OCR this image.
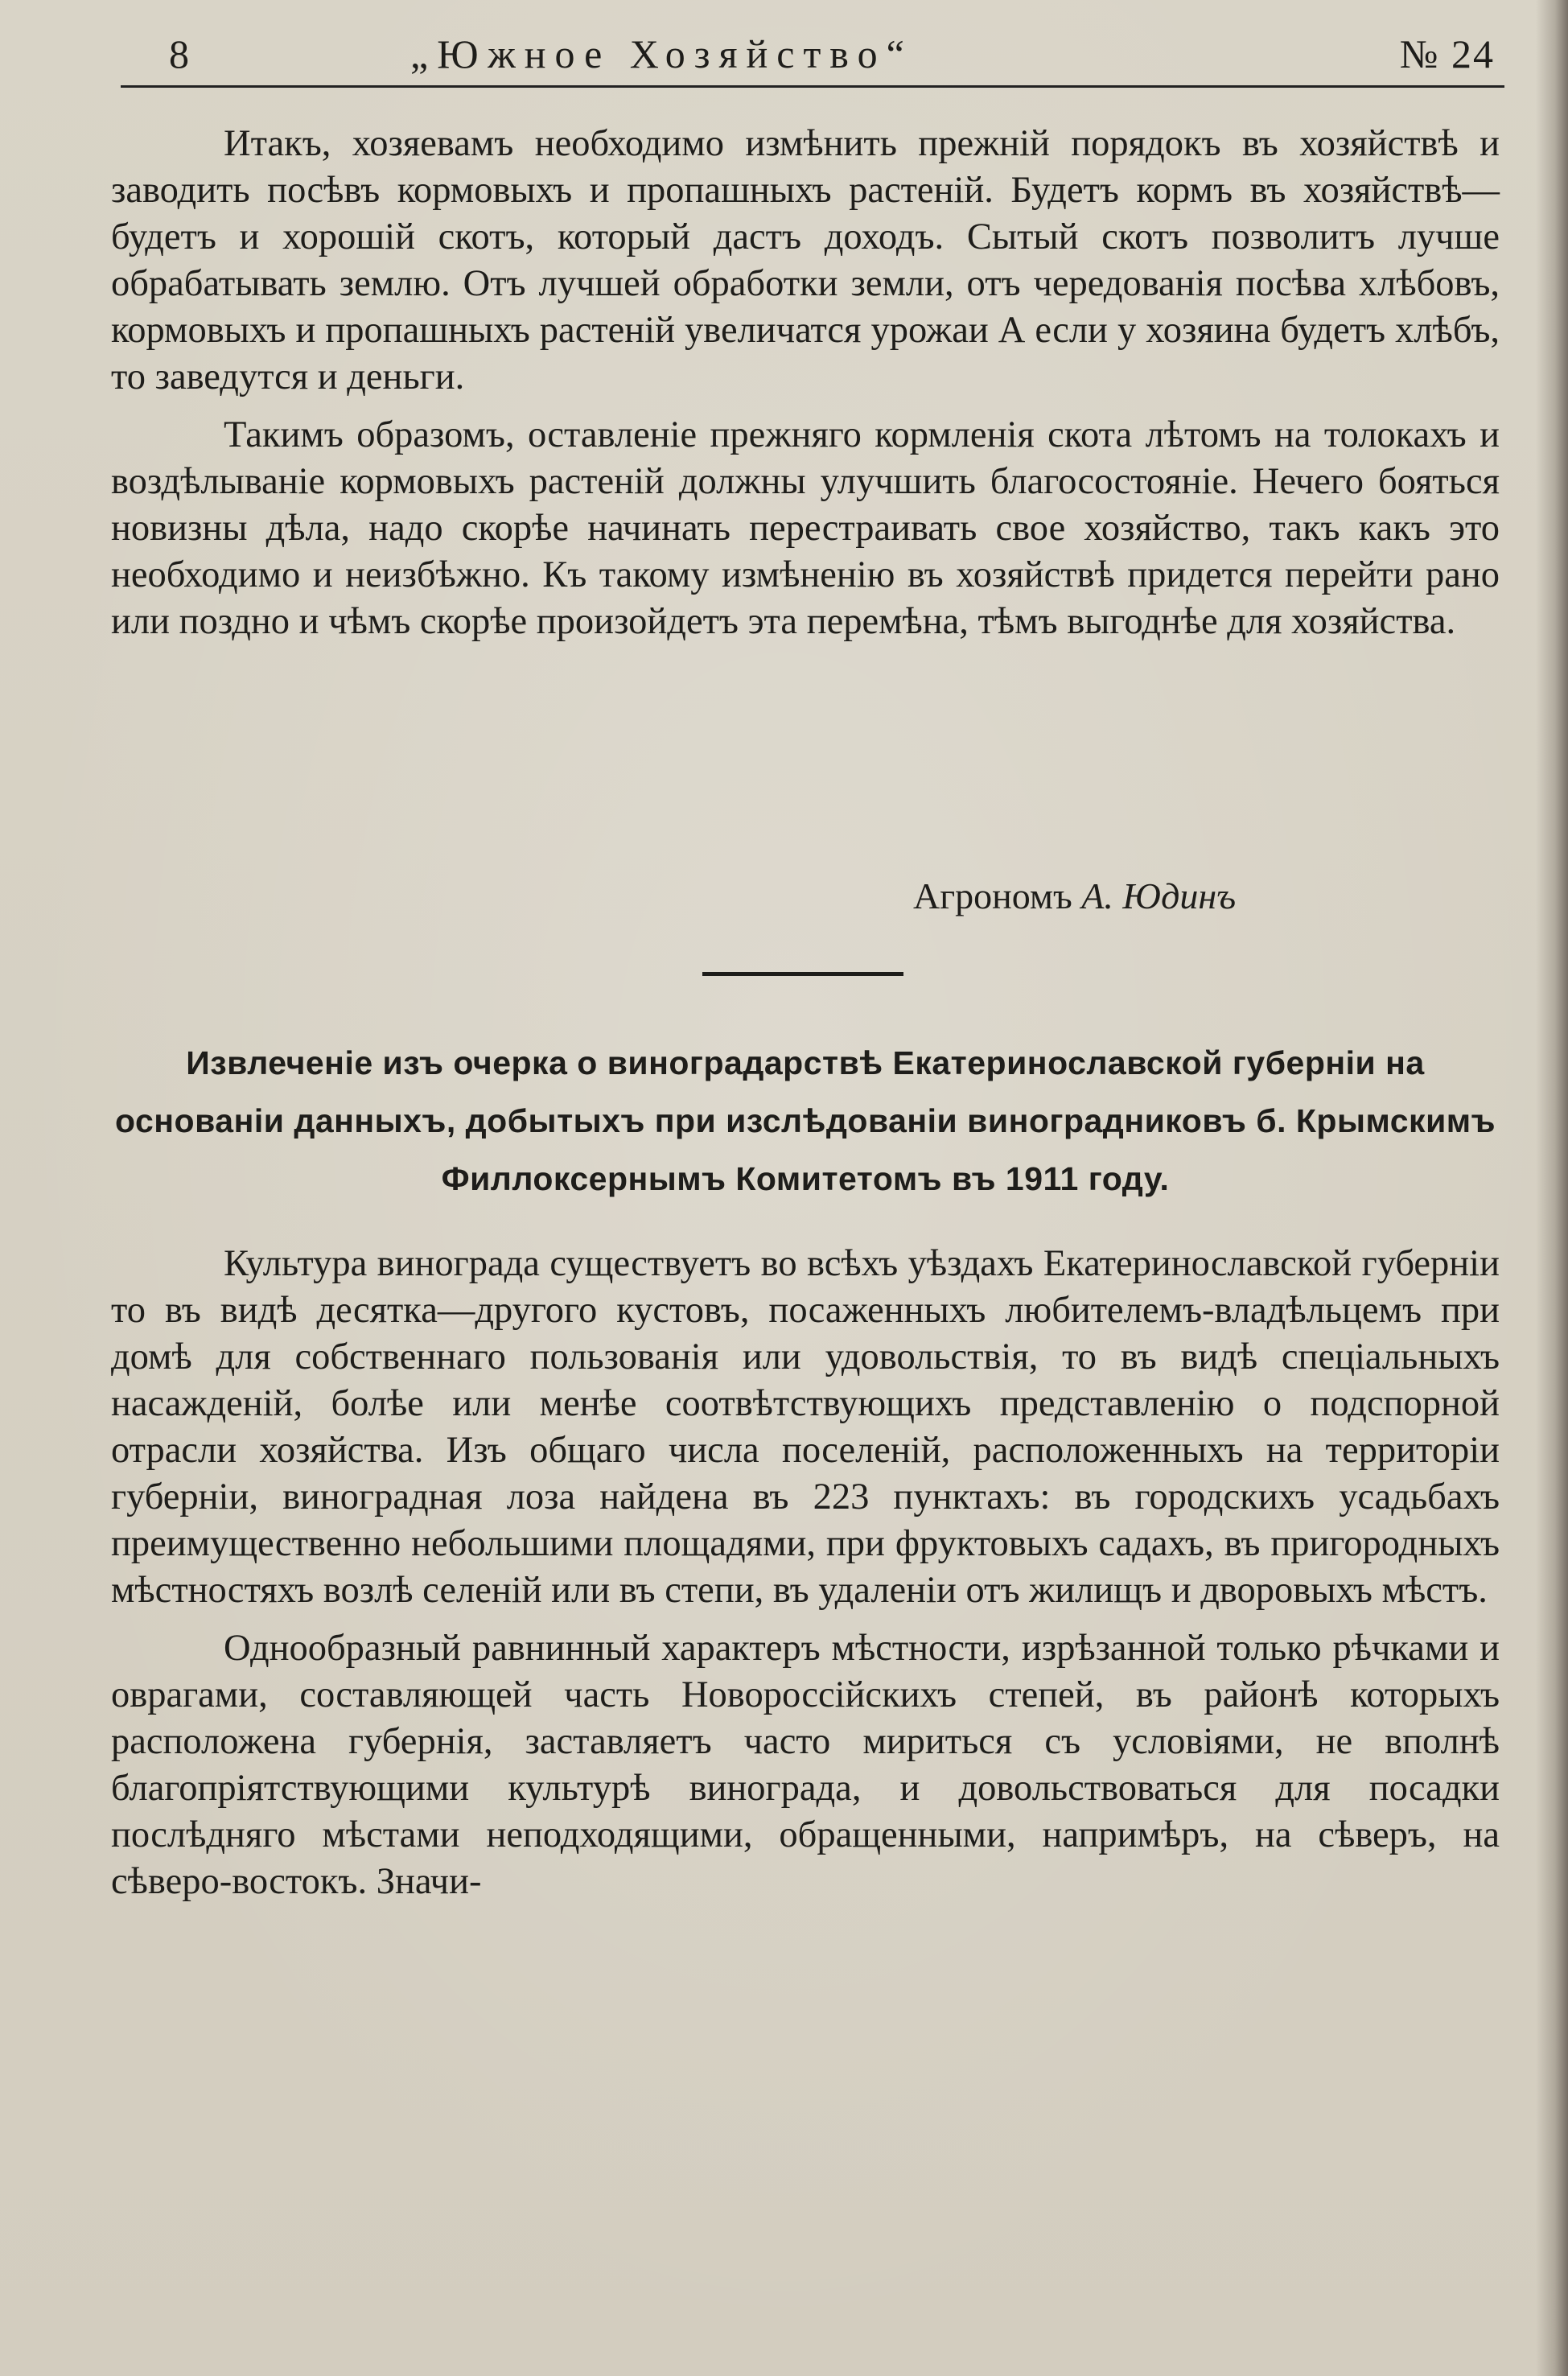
8	„Южное Хозяйство“	№ 24

Итакъ, хозяевамъ необходимо измѣнить прежній порядокъ въ хозяйствѣ и заводить посѣвъ кормовыхъ и пропашныхъ растеній. Будетъ кормъ въ хозяйствѣ—будетъ и хорошій скотъ, который дастъ доходъ. Сытый скотъ позволитъ лучше обрабатывать землю. Отъ лучшей обработки земли, отъ чередованія посѣва хлѣбовъ, кормовыхъ и пропашныхъ растеній увеличатся урожаи А если у хозяина будетъ хлѣбъ, то заведутся и деньги.

Такимъ образомъ, оставленіе прежняго кормленія скота лѣтомъ на толокахъ и воздѣлываніе кормовыхъ растеній должны улучшить благосостояніе. Нечего бояться новизны дѣла, надо скорѣе начинать перестраивать свое хозяйство, такъ какъ это необходимо и неизбѣжно. Къ такому измѣненію въ хозяйствѣ придется перейти рано или поздно и чѣмъ скорѣе произойдетъ эта перемѣна, тѣмъ выгоднѣе для хозяйства.

Агрономъ А. Юдинъ
Извлеченіе изъ очерка о виноградарствѣ Екатеринославской губерніи на основаніи данныхъ, добытыхъ при изслѣдованіи виноградниковъ б. Крымскимъ Филлоксернымъ Комитетомъ въ 1911 году.

Культура винограда существуетъ во всѣхъ уѣздахъ Екатеринославской губерніи то въ видѣ десятка—другого кустовъ, посаженныхъ любителемъ-владѣльцемъ при домѣ для собственнаго пользованія или удовольствія, то въ видѣ спеціальныхъ насажденій, болѣе или менѣе соотвѣтствующихъ представленію о подспорной отрасли хозяйства. Изъ общаго числа поселеній, расположенныхъ на территоріи губерніи, виноградная лоза найдена въ 223 пунктахъ: въ городскихъ усадьбахъ преимущественно небольшими площадями, при фруктовыхъ садахъ, въ пригородныхъ мѣстностяхъ возлѣ селеній или въ степи, въ удаленіи отъ жилищъ и дворовыхъ мѣстъ.

Однообразный равнинный характеръ мѣстности, изрѣзанной только рѣчками и оврагами, составляющей часть Новороссійскихъ степей, въ районѣ которыхъ расположена губернія, заставляетъ часто мириться съ условіями, не вполнѣ благопріятствующими культурѣ винограда, и довольствоваться для посадки послѣдняго мѣстами неподходящими, обращенными, напримѣръ, на сѣверъ, на сѣверо-востокъ. Значи-
